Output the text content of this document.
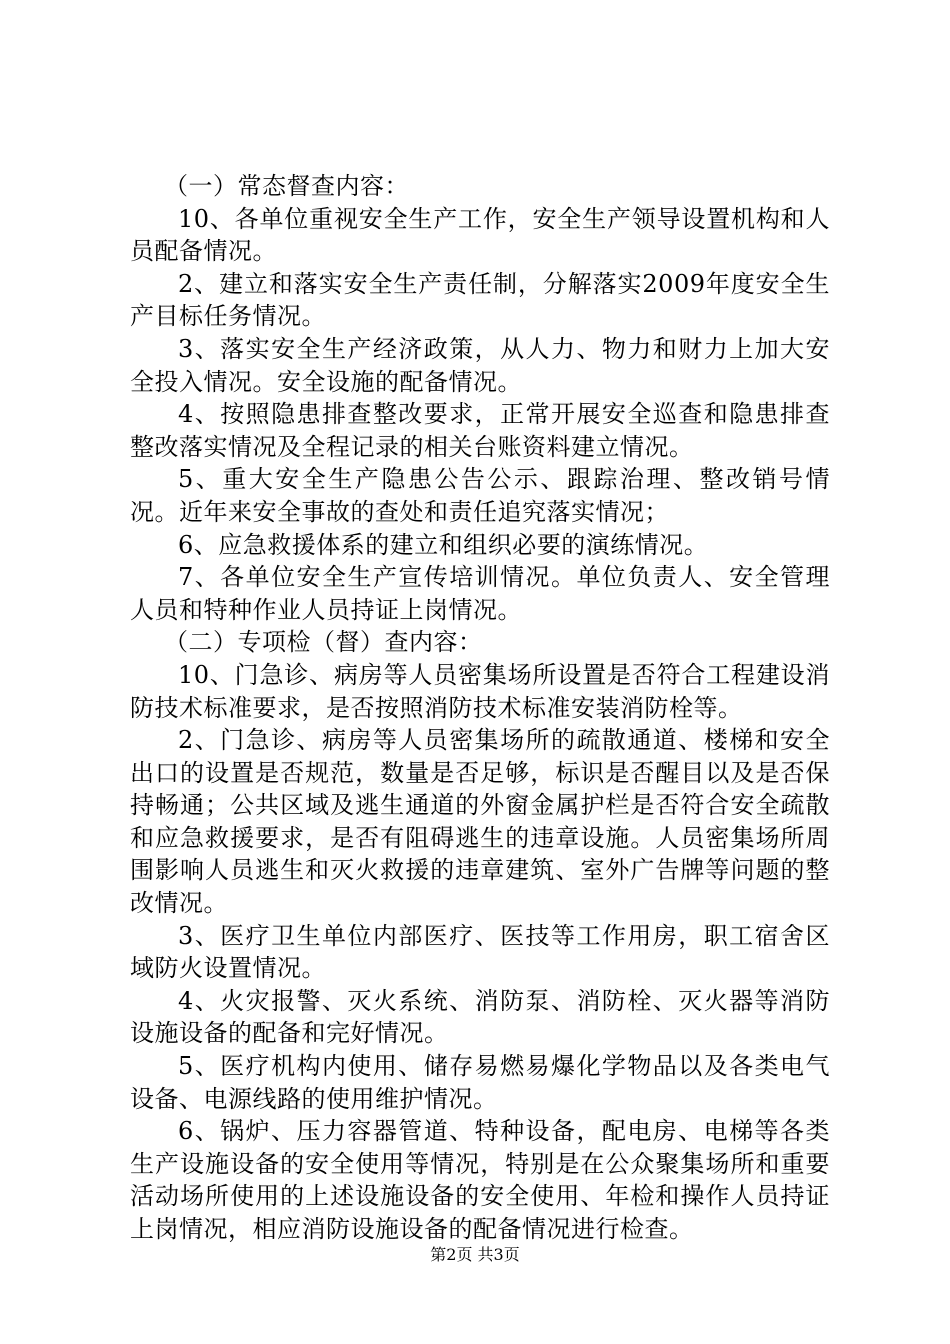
（一）常态督查内容：

10、各单位重视安全生产工作，安全生产领导设置机构和人员配备情况。

2、建立和落实安全生产责任制，分解落实2009年度安全生产目标任务情况。

3、落实安全生产经济政策，从人力、物力和财力上加大安全投入情况。安全设施的配备情况。

4、按照隐患排查整改要求，正常开展安全巡查和隐患排查整改落实情况及全程记录的相关台账资料建立情况。

5、重大安全生产隐患公告公示、跟踪治理、整改销号情况。近年来安全事故的查处和责任追究落实情况；

6、应急救援体系的建立和组织必要的演练情况。

7、各单位安全生产宣传培训情况。单位负责人、安全管理人员和特种作业人员持证上岗情况。

（二）专项检（督）查内容：

10、门急诊、病房等人员密集场所设置是否符合工程建设消防技术标准要求，是否按照消防技术标准安装消防栓等。

2、门急诊、病房等人员密集场所的疏散通道、楼梯和安全出口的设置是否规范，数量是否足够，标识是否醒目以及是否保持畅通；公共区域及逃生通道的外窗金属护栏是否符合安全疏散和应急救援要求，是否有阻碍逃生的违章设施。人员密集场所周围影响人员逃生和灭火救援的违章建筑、室外广告牌等问题的整改情况。

3、医疗卫生单位内部医疗、医技等工作用房，职工宿舍区域防火设置情况。

4、火灾报警、灭火系统、消防泵、消防栓、灭火器等消防设施设备的配备和完好情况。

5、医疗机构内使用、储存易燃易爆化学物品以及各类电气设备、电源线路的使用维护情况。

6、锅炉、压力容器管道、特种设备，配电房、电梯等各类生产设施设备的安全使用等情况，特别是在公众聚集场所和重要活动场所使用的上述设施设备的安全使用、年检和操作人员持证上岗情况，相应消防设施设备的配备情况进行检查。

第2页 共3页
